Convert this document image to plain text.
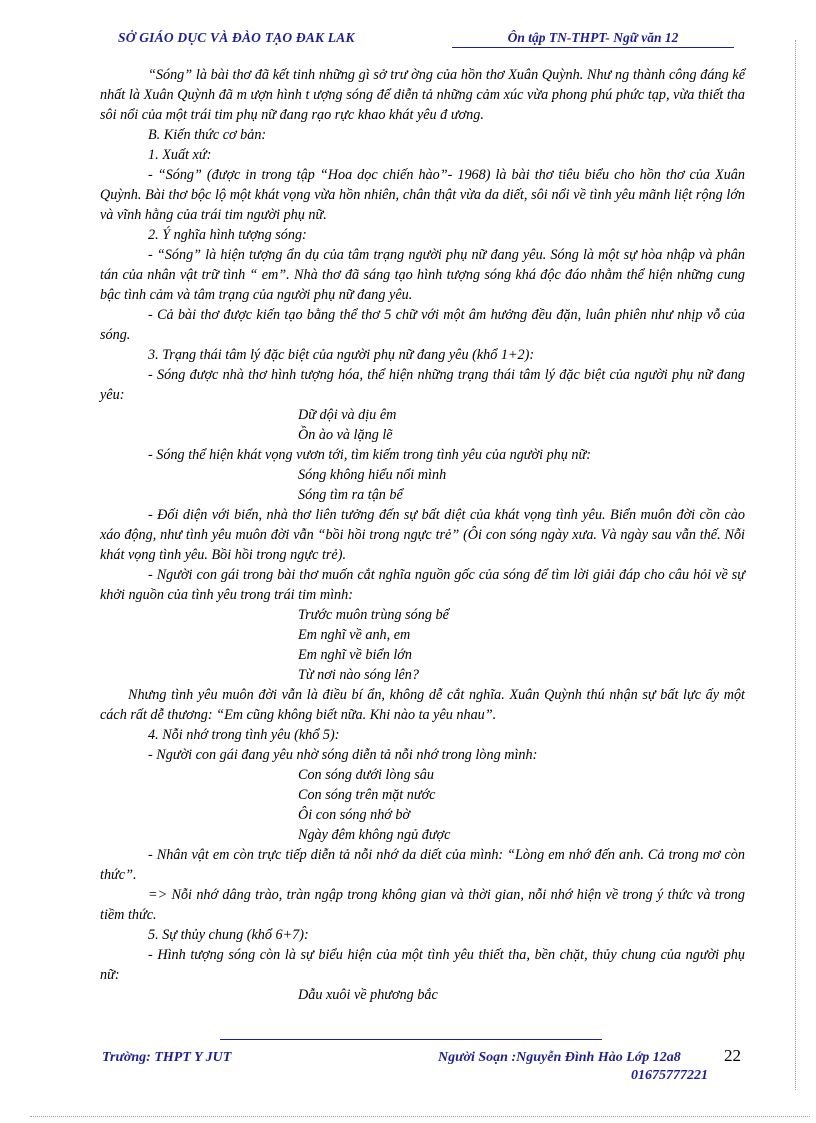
SỞ GIÁO DỤC VÀ ĐÀO TẠO ĐAK LAK	Ôn tập TN-THPT- Ngữ văn 12

“Sóng” là bài thơ đã kết tinh những gì sở trư ờng của hồn thơ Xuân Quỳnh. Như ng thành công đáng kể nhất là Xuân Quỳnh đã m ượn hình t ượng sóng để diễn tả những cảm xúc vừa phong phú phức tạp, vừa thiết tha sôi nổi của một trái tim phụ nữ đang rạo rực khao khát yêu đ ương.

B. Kiến thức cơ bản:

1. Xuất xứ:

- “Sóng” (được in trong tập “Hoa dọc chiến hào”- 1968) là bài thơ tiêu biểu cho hồn thơ của Xuân Quỳnh. Bài thơ bộc lộ một khát vọng vừa hồn nhiên, chân thật vừa da diết, sôi nổi về tình yêu mãnh liệt rộng lớn và vĩnh hằng của trái tim người phụ nữ.

2. Ý nghĩa hình tượng sóng:

- “Sóng” là hiện tượng ẩn dụ của tâm trạng người phụ nữ đang yêu. Sóng là một sự hòa nhập và phân tán của nhân vật trữ tình “ em”. Nhà thơ đã sáng tạo hình tượng sóng khá độc đáo nhằm thể hiện những cung bậc tình cảm và tâm trạng của người phụ nữ đang yêu.

- Cả bài thơ được kiến tạo bằng thể thơ 5 chữ với một âm hưởng đều đặn, luân phiên như nhịp vỗ của sóng.

3. Trạng thái tâm lý đặc biệt của người phụ nữ đang yêu (khổ 1+2):

- Sóng được nhà thơ hình tượng hóa, thể hiện những trạng thái tâm lý đặc biệt của người phụ nữ đang yêu:

Dữ dội và dịu êm

Ồn ào và lặng lẽ

- Sóng thể hiện khát vọng vươn tới, tìm kiếm trong tình yêu của người phụ nữ:

Sóng không hiểu nổi mình

Sóng tìm ra tận bể

- Đối diện với biển, nhà thơ liên tưởng đến sự bất diệt của khát vọng tình yêu. Biển muôn đời cồn cào xáo động, như tình yêu muôn đời vẫn “bồi hồi trong ngực trẻ” (Ôi con sóng ngày xưa. Và ngày sau vẫn thế. Nỗi khát vọng tình yêu. Bồi hồi trong ngực trẻ).

- Người con gái trong bài thơ muốn cắt nghĩa nguồn gốc của sóng để tìm lời giải đáp cho câu hỏi về sự khởi nguồn của tình yêu trong trái tim mình:

Trước muôn trùng sóng bể

Em nghĩ về anh, em

Em nghĩ về biển lớn

Từ nơi nào sóng lên?

Nhưng tình yêu muôn đời vẫn là điều bí ẩn, không dễ cắt nghĩa. Xuân Quỳnh thú nhận sự bất lực ấy một cách rất dễ thương: “Em cũng không biết nữa. Khi nào ta yêu nhau”.

4. Nỗi nhớ trong tình yêu (khổ 5):

- Người con gái đang yêu nhờ sóng diễn tả nỗi nhớ trong lòng mình:

Con sóng dưới lòng sâu

Con sóng trên mặt nước

Ôi con sóng nhớ bờ

Ngày đêm không ngủ được

- Nhân vật em còn trực tiếp diễn tả nỗi nhớ da diết của mình: “Lòng em nhớ đến anh. Cả trong mơ còn thức”.

=> Nỗi nhớ dâng trào, tràn ngập trong không gian và thời gian, nỗi nhớ hiện về trong ý thức và trong tiềm thức.

5. Sự thủy chung (khổ 6+7):

- Hình tượng sóng còn là sự biểu hiện của một tình yêu thiết tha, bền chặt, thủy chung của người phụ nữ:

Dẫu xuôi về phương bắc

Trường: THPT Y JUT	Người Soạn :Nguyễn Đình Hào Lớp 12a8
01675777221
22
